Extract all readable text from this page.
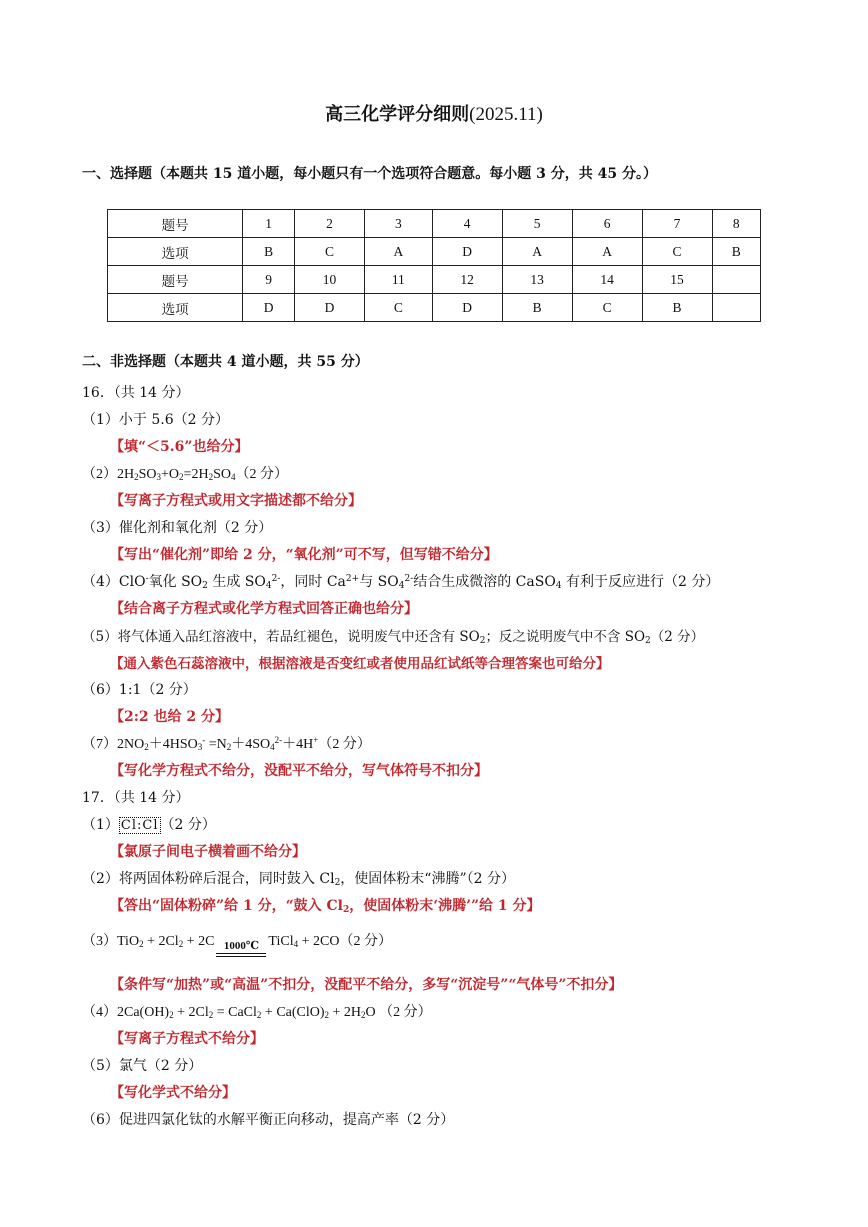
高三化学评分细则(2025.11)
一、选择题（本题共 15 道小题，每小题只有一个选项符合题意。每小题 3 分，共 45 分。）
题号	1	2	3	4	5	6	7	8
选项	B	C	A	D	A	A	C	B
题号	9	10	11	12	13	14	15	
选项	D	D	C	D	B	C	B	
二、非选择题（本题共 4 道小题，共 55 分）
16．（共 14 分）
（1）小于 5.6（2 分）
【填“＜5.6”也给分】
$(2)2H_2SO_3+O_2=2H_2SO_4(2$ 分）
【写离子方程式或用文字描述都不给分】
（3）催化剂和氧化剂（2 分）
【写出“催化剂”即给 2 分，“氧化剂”可不写，但写错不给分】
（4）ClO-氧化 $SO_2$ 生成 $SO_4^{2-}$，同时 $Ca^{2+}$与 $SO_4^{2-}$结合生成微溶的 CaSO$_4$ 有利于反应进行（2 分）
【结合离子方程式或化学方程式回答正确也给分】
（5）将气体通入品红溶液中，若品红褪色，说明废气中还含有 $SO_2$；反之说明废气中不含 $SO_2(2$ 分）
【通入紫色石蕊溶液中，根据溶液是否变红或者使用品红试纸等合理答案也可给分】
（6）1:1（2 分）
【2:2 也给 2 分】
$(7)2NO_2+4HSO_3^- =N_2+4SO_4^{2-}+4H^+(2$ 分）
【写化学方程式不给分，没配平不给分，写气体符号不扣分】
17．（共 14 分）
（1） Cl:Cl （2 分）
【氯原子间电子横着画不给分】
（2）将两固体粉碎后混合，同时鼓入 $Cl_2$，使固体粉末“沸腾”（2 分）
【答出“固体粉碎”给 1 分，“鼓入 $Cl_2$，使固体粉末‘沸腾’”给 1 分】
$(3)TiO_2 + 2Cl_2 + 2C$ 1000℃ TiCl$_4$ + 2CO（2 分）
【条件写“加热”或“高温”不扣分，没配平不给分，多写“沉淀号”“气体号”不扣分】
$(4)2Ca(OH)_2 + 2Cl_2$ = CaCl$_2$ + $Ca(ClO)_2 + 2H_2O$ （2 分）
【写离子方程式不给分】
（5）氯气（2 分）
【写化学式不给分】
（6）促进四氯化钛的水解平衡正向移动，提高产率（2 分）
